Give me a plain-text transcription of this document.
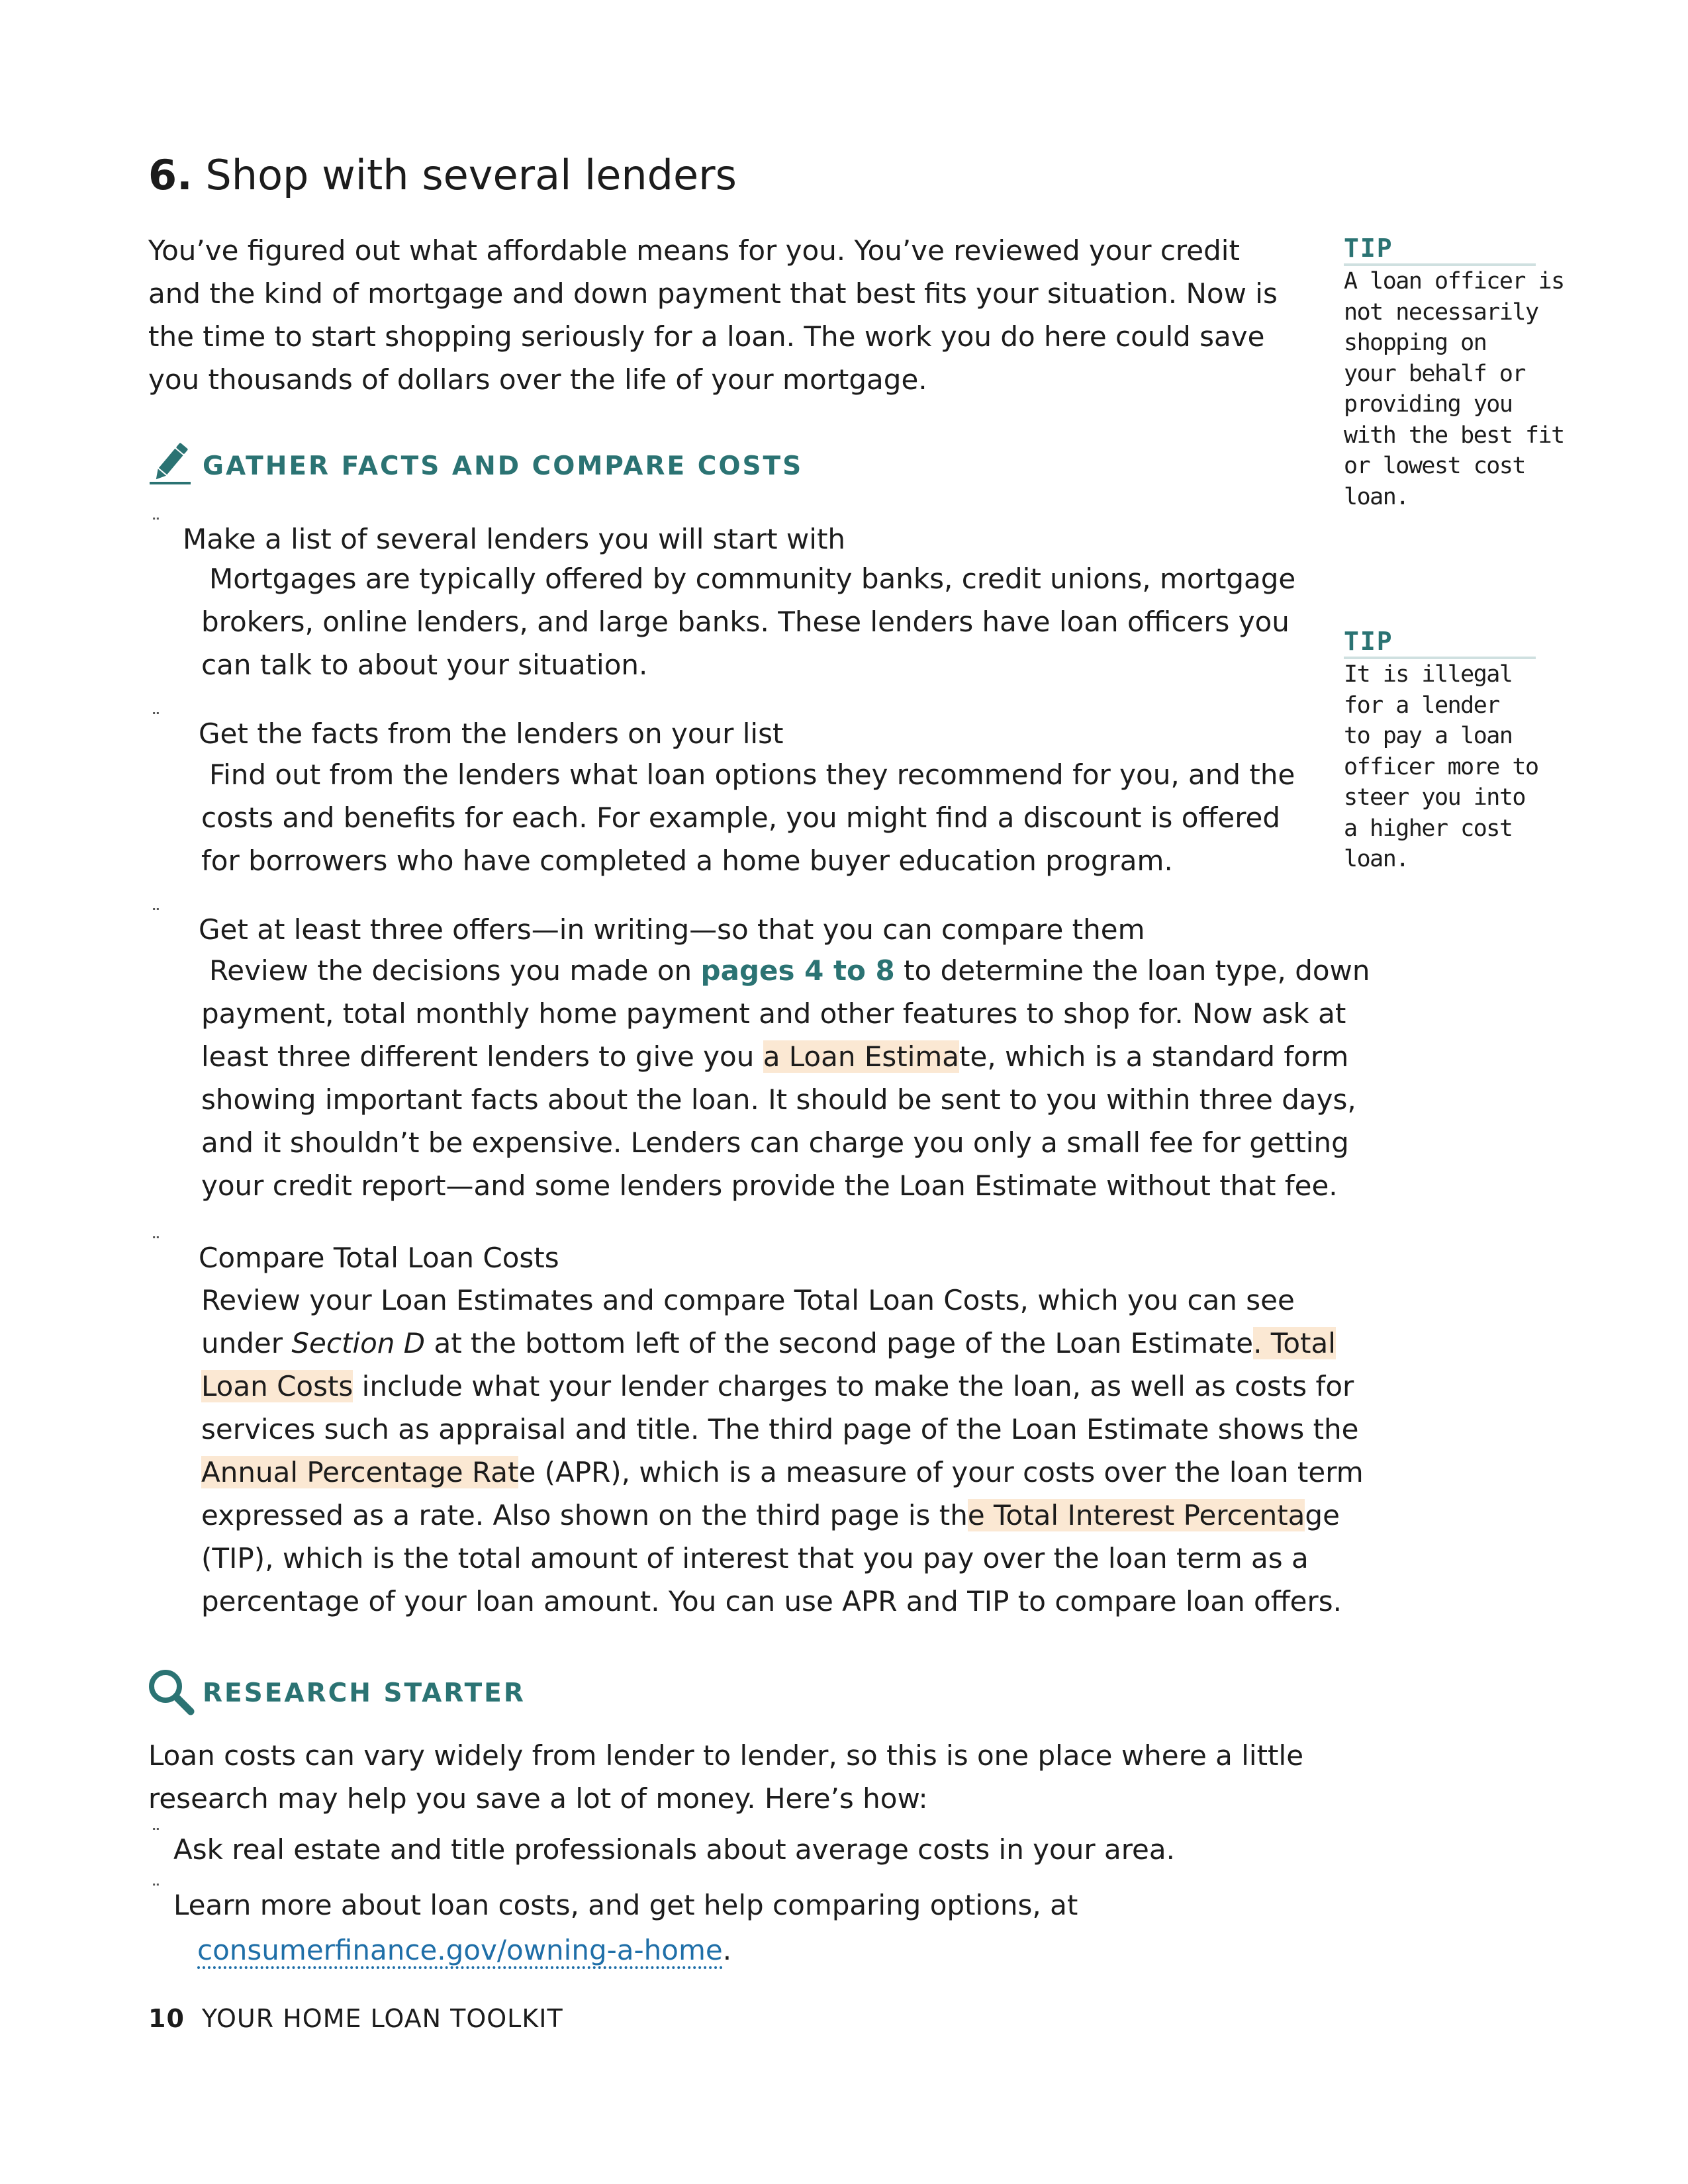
6. Shop with several lenders
You’ve figured out what affordable means for you. You’ve reviewed your credit
and the kind of mortgage and down payment that best fits your situation. Now is
the time to start shopping seriously for a loan. The work you do here could save
you thousands of dollars over the life of your mortgage.
GATHER FACTS AND COMPARE COSTS
¨ Make a list of several lenders you will start with
Mortgages are typically offered by community banks, credit unions, mortgage
brokers, online lenders, and large banks. These lenders have loan officers you
can talk to about your situation.
¨ Get the facts from the lenders on your list
Find out from the lenders what loan options they recommend for you, and the
costs and benefits for each. For example, you might find a discount is offered
for borrowers who have completed a home buyer education program.
¨ Get at least three offers—in writing—so that you can compare them
Review the decisions you made on pages 4 to 8 to determine the loan type, down
payment, total monthly home payment and other features to shop for. Now ask at
least three different lenders to give you a Loan Estimate, which is a standard form
showing important facts about the loan. It should be sent to you within three days,
and it shouldn’t be expensive. Lenders can charge you only a small fee for getting
your credit report—and some lenders provide the Loan Estimate without that fee.
¨ Compare Total Loan Costs
Review your Loan Estimates and compare Total Loan Costs, which you can see
under Section D at the bottom left of the second page of the Loan Estimate. Total
Loan Costs include what your lender charges to make the loan, as well as costs for
services such as appraisal and title. The third page of the Loan Estimate shows the
Annual Percentage Rate (APR), which is a measure of your costs over the loan term
expressed as a rate. Also shown on the third page is the Total Interest Percentage
(TIP), which is the total amount of interest that you pay over the loan term as a
percentage of your loan amount. You can use APR and TIP to compare loan offers.
RESEARCH STARTER
Loan costs can vary widely from lender to lender, so this is one place where a little
research may help you save a lot of money. Here’s how:
¨ Ask real estate and title professionals about average costs in your area.
¨ Learn more about loan costs, and get help comparing options, at
consumerfinance.gov/owning-a-home.
TIP
A loan officer is
not necessarily
shopping on
your behalf or
providing you
with the best fit
or lowest cost
loan.
TIP
It is illegal
for a lender
to pay a loan
officer more to
steer you into
a higher cost
loan.
10 YOUR HOME LOAN TOOLKIT
